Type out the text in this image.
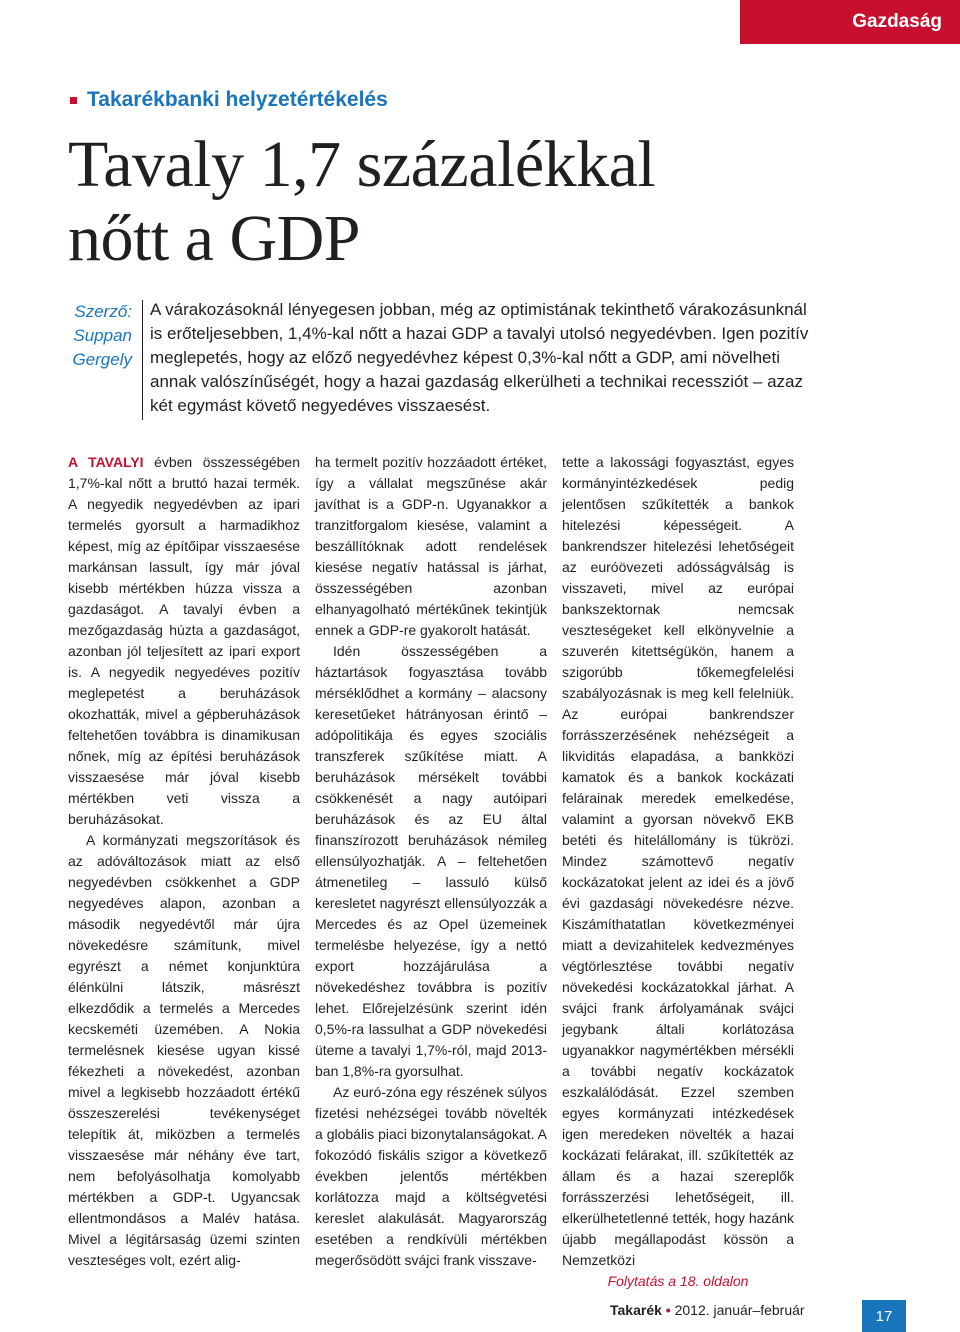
Gazdaság
Takarékbanki helyzetértékelés
Tavaly 1,7 százalékkal
nőtt a GDP
Szerző:
Suppan
Gergely

A várakozásoknál lényegesen jobban, még az optimistának tekinthető várakozásunknál is erőteljesebben, 1,4%-kal nőtt a hazai GDP a tavalyi utolsó negyedévben. Igen pozitív meglepetés, hogy az előző negyedévhez képest 0,3%-kal nőtt a GDP, ami növelheti annak valószínűségét, hogy a hazai gazdaság elkerülheti a technikai recessziót – azaz két egymást követő negyedéves visszaesést.

A TAVALYI évben összességében 1,7%-kal nőtt a bruttó hazai termék. A negyedik negyedévben az ipari termelés gyorsult a harmadikhoz képest, míg az építőipar visszaesése markánsan lassult, így már jóval kisebb mértékben húzza vissza a gazdaságot. A tavalyi évben a mezőgazdaság húzta a gazdaságot, azonban jól teljesített az ipari export is. A negyedik negyedéves pozitív meglepetést a beruházások okozhatták, mivel a gépberuházások feltehetően továbbra is dinamikusan nőnek, míg az építési beruházások visszaesése már jóval kisebb mértékben veti vissza a beruházásokat.

A kormányzati megszorítások és az adóváltozások miatt az első negyedévben csökkenhet a GDP negyedéves alapon, azonban a második negyedévtől már újra növekedésre számítunk, mivel egyrészt a német konjunktúra élénkülni látszik, másrészt elkezdődik a termelés a Mercedes kecskeméti üzemében. A Nokia termelésnek kiesése ugyan kissé fékezheti a növekedést, azonban mivel a legkisebb hozzáadott értékű összeszerelési tevékenységet telepítik át, miközben a termelés visszaesése már néhány éve tart, nem befolyásolhatja komolyabb mértékben a GDP-t. Ugyancsak ellentmondásos a Malév hatása. Mivel a légitársaság üzemi szinten veszteséges volt, ezért alig-

ha termelt pozitív hozzáadott értéket, így a vállalat megszűnése akár javíthat is a GDP-n. Ugyanakkor a tranzitforgalom kiesése, valamint a beszállítóknak adott rendelések kiesése negatív hatással is járhat, összességében azonban elhanyagolható mértékűnek tekintjük ennek a GDP-re gyakorolt hatását.

Idén összességében a háztartások fogyasztása tovább mérséklődhet a kormány – alacsony keresetűeket hátrányosan érintő – adópolitikája és egyes szociális transzferek szűkítése miatt. A beruházások mérsékelt további csökkenését a nagy autóipari beruházások és az EU által finanszírozott beruházások némileg ellensúlyozhatják. A – feltehetően átmenetileg – lassuló külső keresletet nagyrészt ellensúlyozzák a Mercedes és az Opel üzemeinek termelésbe helyezése, így a nettó export hozzájárulása a növekedéshez továbbra is pozitív lehet. Előrejelzésünk szerint idén 0,5%-ra lassulhat a GDP növekedési üteme a tavalyi 1,7%-ról, majd 2013-ban 1,8%-ra gyorsulhat.

Az euró-zóna egy részének súlyos fizetési nehézségei tovább növelték a globális piaci bizonytalanságokat. A fokozódó fiskális szigor a következő években jelentős mértékben korlátozza majd a költségvetési kereslet alakulását. Magyarország esetében a rendkívüli mértékben megerősödött svájci frank visszave-

tette a lakossági fogyasztást, egyes kormányintézkedések pedig jelentősen szűkítették a bankok hitelezési képességeit. A bankrendszer hitelezési lehetőségeit az euróövezeti adósságválság is visszaveti, mivel az európai bankszektornak nemcsak veszteségeket kell elkönyvelnie a szuverén kitettségükön, hanem a szigorúbb tőkemegfelelési szabályozásnak is meg kell felelniük. Az európai bankrendszer forrásszerzésének nehézségeit a likviditás elapadása, a bankközi kamatok és a bankok kockázati felárainak meredek emelkedése, valamint a gyorsan növekvő EKB betéti és hitelállomány is tükrözi. Mindez számottevő negatív kockázatokat jelent az idei és a jövő évi gazdasági növekedésre nézve. Kiszámíthatatlan következményei miatt a devizahitelek kedvezményes végtörlesztése további negatív növekedési kockázatokkal járhat. A svájci frank árfolyamának svájci jegybank általi korlátozása ugyanakkor nagymértékben mérsékli a további negatív kockázatok eszkalálódását. Ezzel szemben egyes kormányzati intézkedések igen meredeken növelték a hazai kockázati felárakat, ill. szűkítették az állam és a hazai szereplők forrásszerzési lehetőségeit, ill. elkerülhetetlenné tették, hogy hazánk újabb megállapodást kössön a Nemzetközi

Folytatás a 18. oldalon

Takarék • 2012. január–február	17
